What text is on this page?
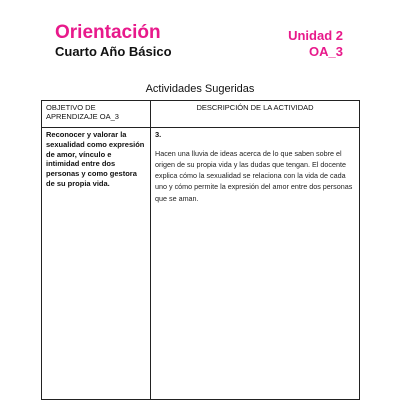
Orientación
Cuarto Año Básico
Unidad 2
OA_3
Actividades Sugeridas
OBJETIVO DE APRENDIZAJE OA_3	DESCRIPCIÓN DE LA ACTIVIDAD

Reconocer y valorar la sexualidad como expresión de amor, vínculo e intimidad entre dos personas y como gestora de su propia vida.	3.
Hacen una lluvia de ideas acerca de lo que saben sobre el origen de su propia vida y las dudas que tengan. El docente explica cómo la sexualidad se relaciona con la vida de cada uno y cómo permite la expresión del amor entre dos personas que se aman.
